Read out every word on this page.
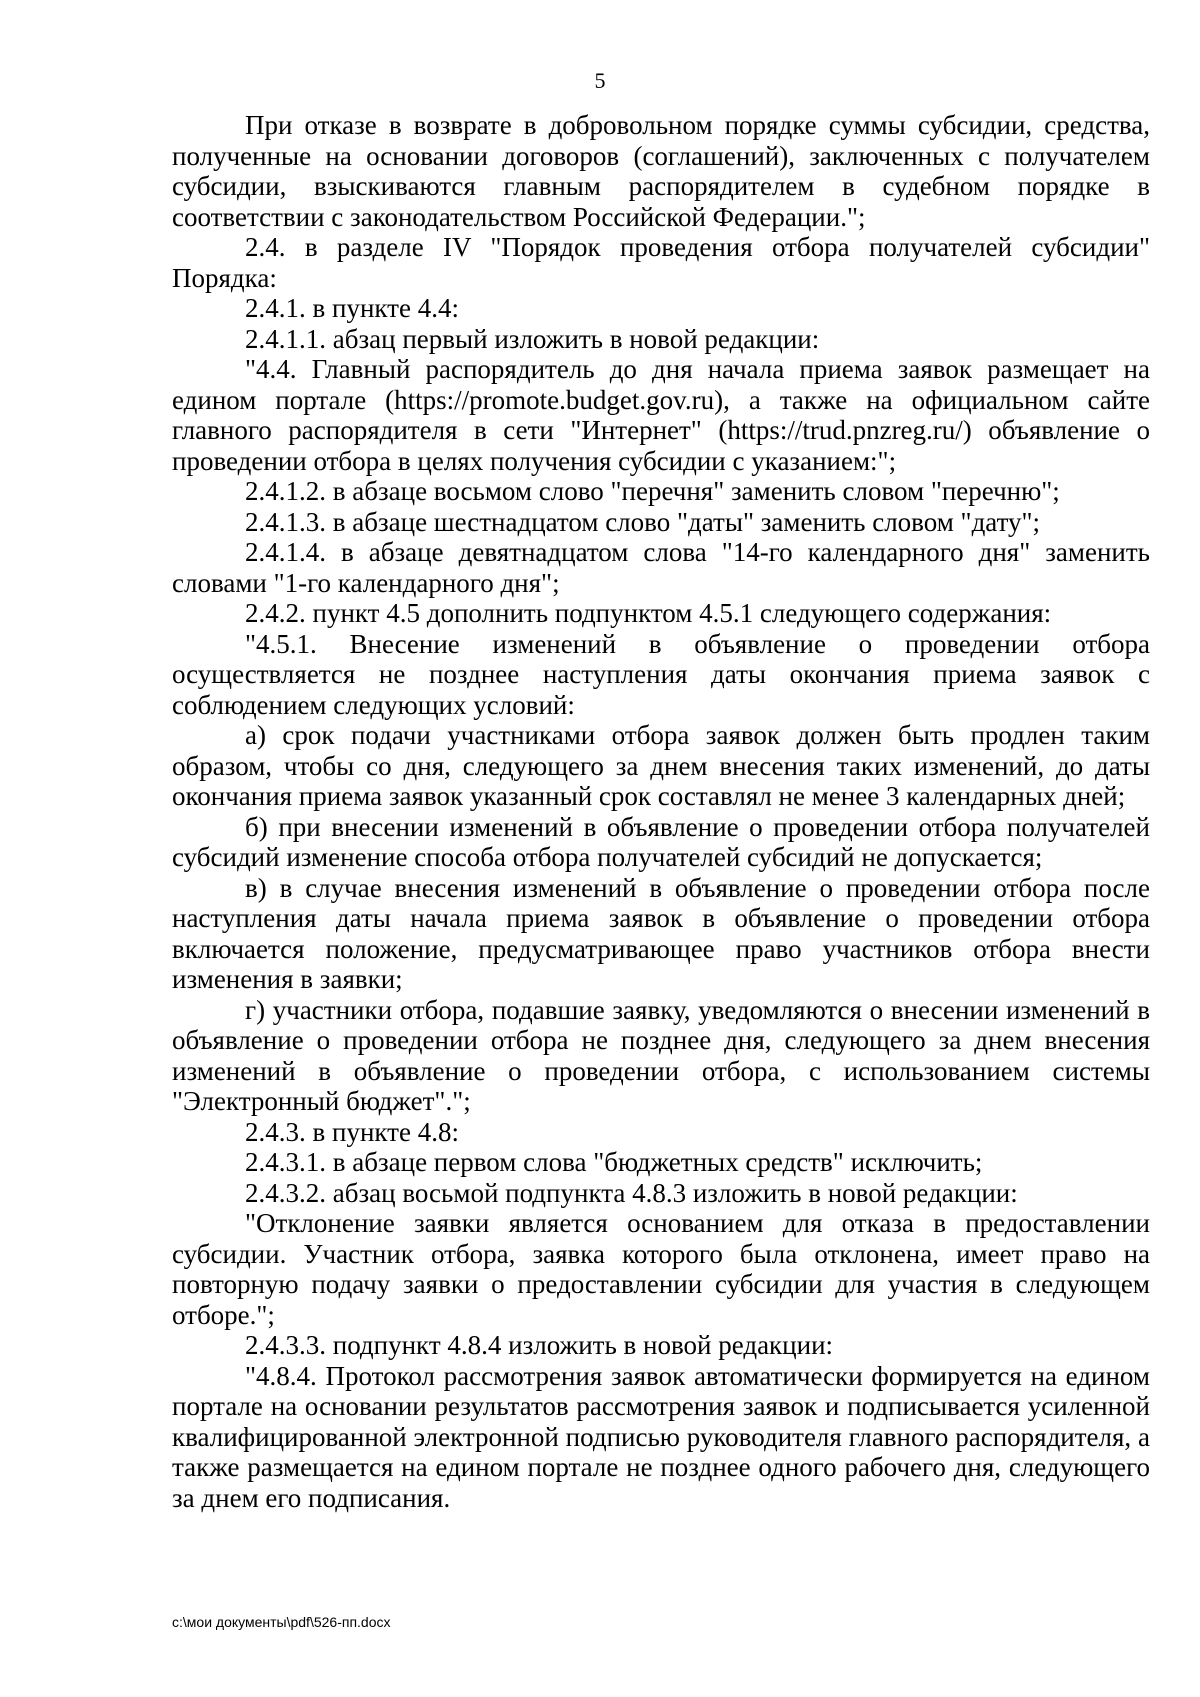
5

При отказе в возврате в добровольном порядке суммы субсидии, средства, полученные на основании договоров (соглашений), заключенных с получателем субсидии, взыскиваются главным распорядителем в судебном порядке в соответствии с законодательством Российской Федерации.";

2.4. в разделе IV "Порядок проведения отбора получателей субсидии" Порядка:

2.4.1. в пункте 4.4:

2.4.1.1. абзац первый изложить в новой редакции:

"4.4. Главный распорядитель до дня начала приема заявок размещает на едином портале (https://promote.budget.gov.ru), а также на официальном сайте главного распорядителя в сети "Интернет" (https://trud.pnzreg.ru/) объявление о проведении отбора в целях получения субсидии с указанием:";

2.4.1.2. в абзаце восьмом слово "перечня" заменить словом "перечню";

2.4.1.3. в абзаце шестнадцатом слово "даты" заменить словом "дату";

2.4.1.4. в абзаце девятнадцатом слова "14-го календарного дня" заменить словами "1-го календарного дня";

2.4.2. пункт 4.5 дополнить подпунктом 4.5.1 следующего содержания:

"4.5.1. Внесение изменений в объявление о проведении отбора осуществляется не позднее наступления даты окончания приема заявок с соблюдением следующих условий:

а) срок подачи участниками отбора заявок должен быть продлен таким образом, чтобы со дня, следующего за днем внесения таких изменений, до даты окончания приема заявок указанный срок составлял не менее 3 календарных дней;

б) при внесении изменений в объявление о проведении отбора получателей субсидий изменение способа отбора получателей субсидий не допускается;

в) в случае внесения изменений в объявление о проведении отбора после наступления даты начала приема заявок в объявление о проведении отбора включается положение, предусматривающее право участников отбора внести изменения в заявки;

г) участники отбора, подавшие заявку, уведомляются о внесении изменений в объявление о проведении отбора не позднее дня, следующего за днем внесения изменений в объявление о проведении отбора, с использованием системы "Электронный бюджет".";

2.4.3. в пункте 4.8:

2.4.3.1. в абзаце первом слова "бюджетных средств" исключить;

2.4.3.2. абзац восьмой подпункта 4.8.3 изложить в новой редакции:

"Отклонение заявки является основанием для отказа в предоставлении субсидии. Участник отбора, заявка которого была отклонена, имеет право на повторную подачу заявки о предоставлении субсидии для участия в следующем отборе.";

2.4.3.3. подпункт 4.8.4 изложить в новой редакции:

"4.8.4. Протокол рассмотрения заявок автоматически формируется на едином портале на основании результатов рассмотрения заявок и подписывается усиленной квалифицированной электронной подписью руководителя главного распорядителя, а также размещается на едином портале не позднее одного рабочего дня, следующего за днем его подписания.

c:\мои документы\pdf\526-пп.docx
